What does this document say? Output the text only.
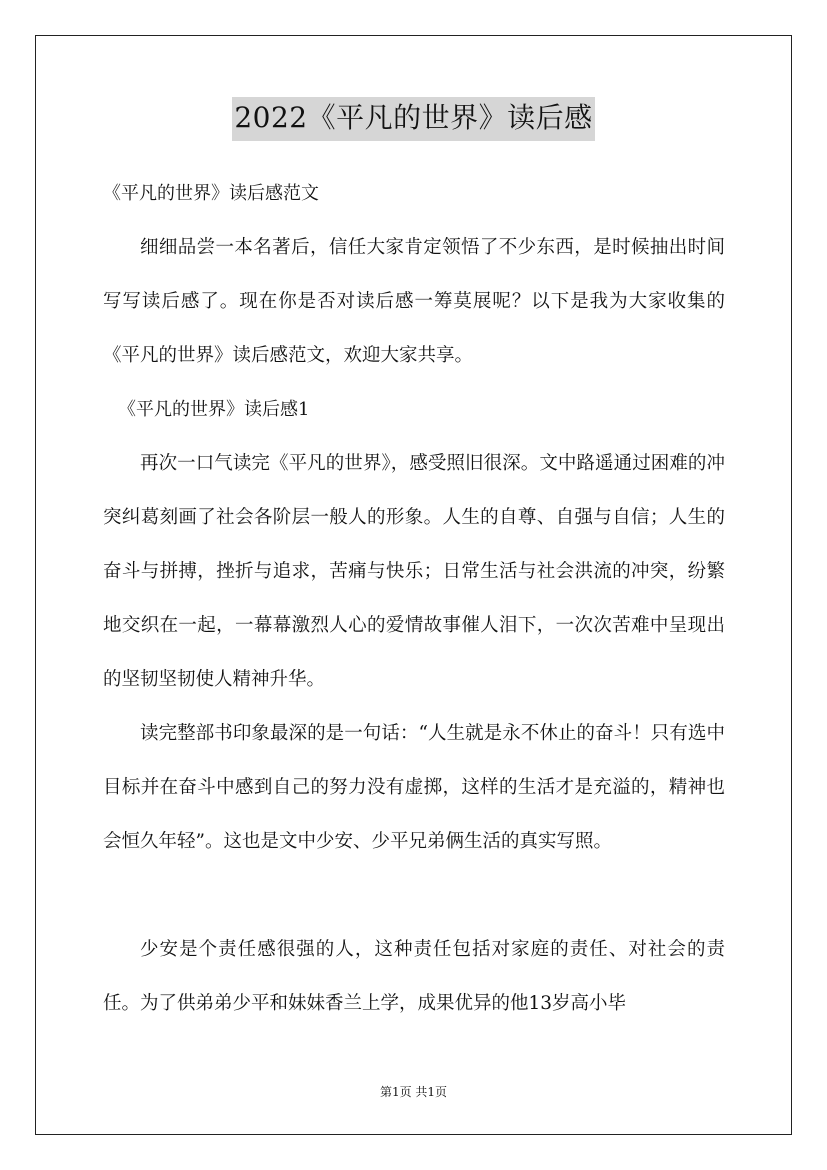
2022《平凡的世界》读后感
《平凡的世界》读后感范文

细细品尝一本名著后，信任大家肯定领悟了不少东西，是时候抽出时间写写读后感了。现在你是否对读后感一筹莫展呢？以下是我为大家收集的《平凡的世界》读后感范文，欢迎大家共享。

《平凡的世界》读后感1

再次一口气读完《平凡的世界》，感受照旧很深。文中路遥通过困难的冲突纠葛刻画了社会各阶层一般人的形象。人生的自尊、自强与自信；人生的奋斗与拼搏，挫折与追求，苦痛与快乐；日常生活与社会洪流的冲突，纷繁地交织在一起，一幕幕激烈人心的爱情故事催人泪下，一次次苦难中呈现出的坚韧坚韧使人精神升华。

读完整部书印象最深的是一句话：“人生就是永不休止的奋斗！只有选中目标并在奋斗中感到自己的努力没有虚掷，这样的生活才是充溢的，精神也会恒久年轻”。这也是文中少安、少平兄弟俩生活的真实写照。

少安是个责任感很强的人，这种责任包括对家庭的责任、对社会的责任。为了供弟弟少平和妹妹香兰上学，成果优异的他13岁高小毕

第1页 共1页
